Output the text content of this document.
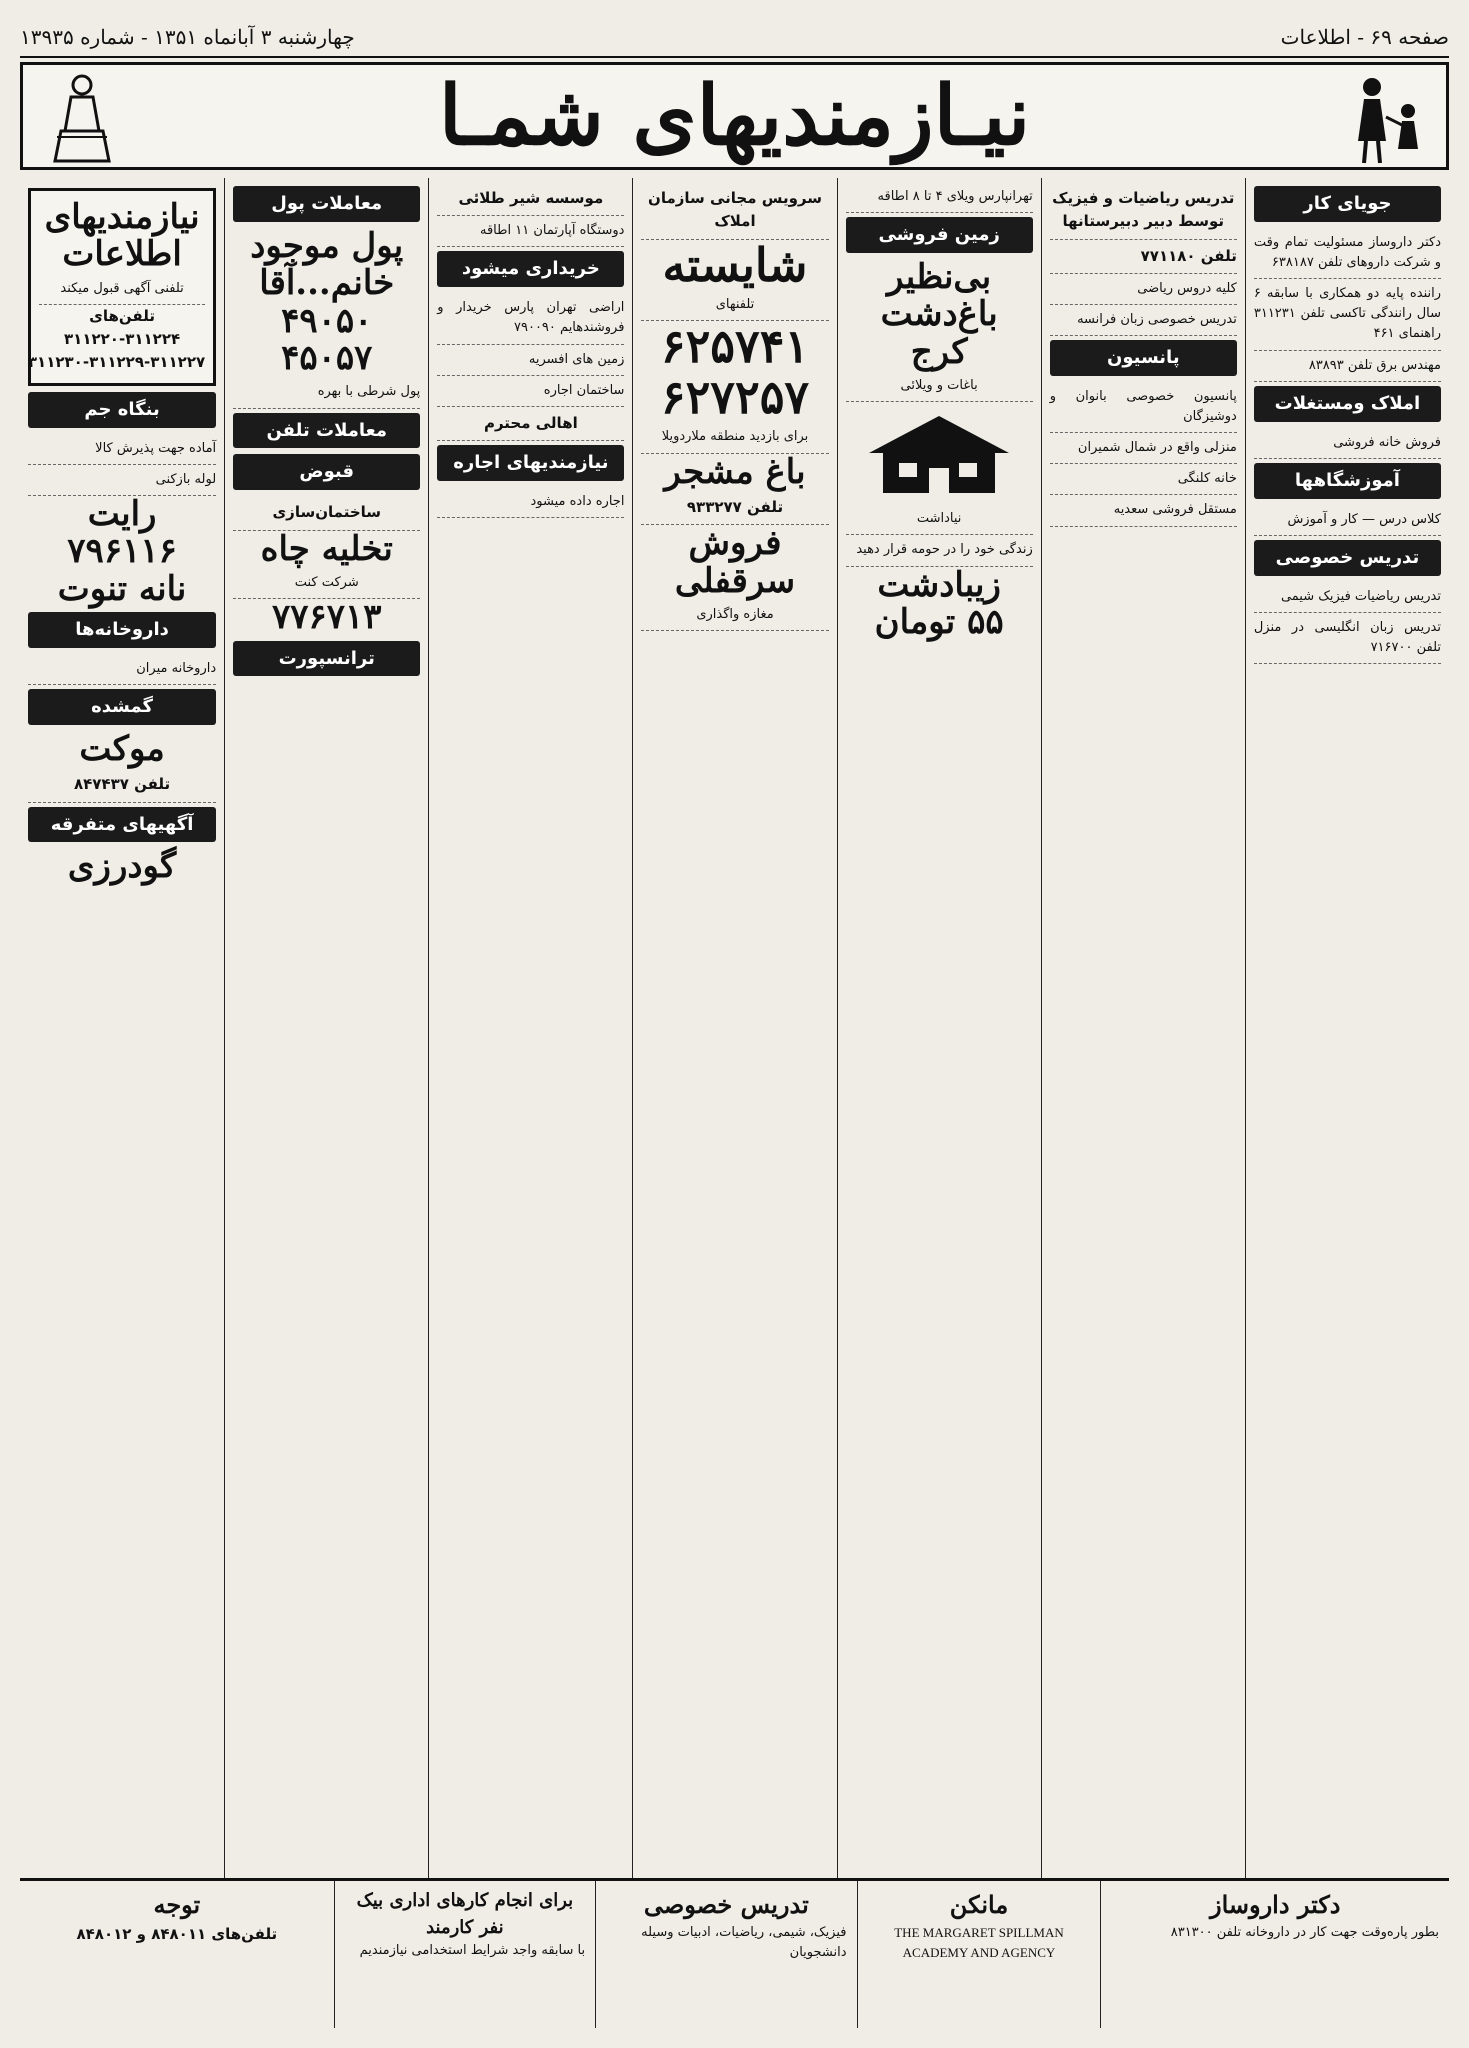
صفحه ۶۹ - اطلاعات
چهارشنبه ۳ آبانماه ۱۳۵۱ - شماره ۱۳۹۳۵
نیـازمندیهای شمـا
جویای کار
دکتر داروساز مسئولیت تمام وقت و شرکت داروهای تلفن ۶۳۸۱۸۷
راننده پایه دو همکاری با سابقه ۶ سال رانندگی تاکسی تلفن ۳۱۱۲۳۱ راهنمای ۴۶۱
مهندس برق تلفن ۸۳۸۹۳
املاک ومستغلات
فروش خانه فروشی
آموزشگاهها
کلاس درس — کار و آموزش
تدریس خصوصی
تدریس ریاضیات فیزیک شیمی
تدریس زبان انگلیسی در منزل تلفن ۷۱۶۷۰۰
تدریس ریاضیات و فیزیک توسط دبیر دبیرستانها
تلفن ۷۷۱۱۸۰
کلیه دروس ریاضی
تدریس خصوصی زبان فرانسه
پانسیون
پانسیون خصوصی بانوان و دوشیزگان
منزلی واقع در شمال شمیران
خانه کلنگی
مستقل فروشی سعدیه
تهرانپارس ویلای ۴ تا ۸ اطاقه
زمین فروشی
بی‌نظیر
باغ‌دشت
کرج
باغات و ویلائی
نیاداشت
زندگی خود را در حومه قرار دهید
زیبادشت
۵۵ تومان
سرویس مجانی سازمان املاک
شایسته
تلفنهای
۶۲۵۷۴۱
۶۲۷۲۵۷
برای بازدید منطقه ملاردویلا
باغ مشجر
تلفن ۹۳۳۲۷۷
فروش سرقفلی
مغازه واگذاری
موسسه شیر طلائی
دوستگاه آپارتمان ۱۱ اطاقه
خریداری میشود
اراضی تهران پارس خریدار و فروشندهایم ۷۹۰۰۹۰
زمین های افسریه
ساختمان اجاره
اهالی محترم
نیازمندیهای اجاره
اجاره داده میشود
معاملات پول
پول موجود خانم...آقا
۴۹۰۵۰
۴۵۰۵۷
پول شرطی با بهره
معاملات تلفن
قبوض
ساختمان‌سازی
تخلیه چاه
شرکت کنت
۷۷۶۷۱۳
ترانسپورت
نیازمندیهای اطلاعات
تلفنی آگهی قبول میکند
تلفن‌های ۳۱۱۲۲۴-۳۱۱۲۲۰
۳۱۱۲۳۰-۳۱۱۲۲۹-۳۱۱۲۲۷
بنگاه جم
آماده جهت پذیرش کالا
لوله بازکنی
رایت
۷۹۶۱۱۶
نانه تنوت
داروخانه‌ها
داروخانه میران
گمشده
موکت
تلفن ۸۴۷۴۳۷
آگهیهای متفرقه
گودرزی
دکتر داروساز
بطور پاره‌وقت جهت کار در داروخانه تلفن ۸۳۱۳۰۰
مانکن
THE MARGARET SPILLMAN ACADEMY AND AGENCY
تدریس خصوصی
فیزیک، شیمی، ریاضیات، ادبیات وسیله دانشجویان
برای انجام کارهای اداری بیک نفر کارمند
با سابقه واجد شرایط استخدامی نیازمندیم
توجه
تلفن‌های ۸۴۸۰۱۱ و ۸۴۸۰۱۲
